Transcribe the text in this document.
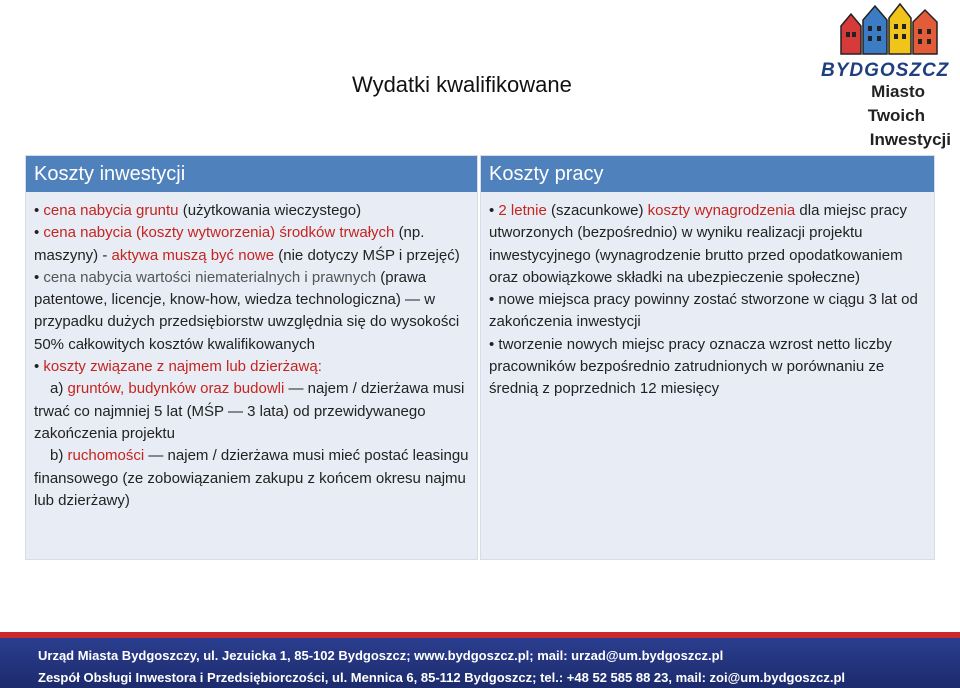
Wydatki kwalifikowane
BYDGOSZCZ
Miasto
Twoich
Inwestycji
Koszty inwestycji

• cena nabycia gruntu (użytkowania wieczystego)

• cena nabycia (koszty wytworzenia) środków trwałych (np. maszyny) - aktywa muszą być nowe (nie dotyczy MŚP i przejęć)

• cena nabycia wartości niematerialnych i prawnych (prawa patentowe, licencje, know-how, wiedza technologiczna) — w przypadku dużych przedsiębiorstw uwzględnia się do wysokości 50% całkowitych kosztów kwalifikowanych

• koszty związane z najmem lub dzierżawą:

a) gruntów, budynków oraz budowli — najem / dzierżawa musi trwać co najmniej 5 lat (MŚP — 3 lata) od przewidywanego zakończenia projektu

b) ruchomości — najem / dzierżawa musi mieć postać leasingu finansowego (ze zobowiązaniem zakupu z końcem okresu najmu lub dzierżawy)

Koszty pracy

• 2 letnie (szacunkowe) koszty wynagrodzenia dla miejsc pracy utworzonych (bezpośrednio) w wyniku realizacji projektu inwestycyjnego (wynagrodzenie brutto przed opodatkowaniem oraz obowiązkowe składki na ubezpieczenie społeczne)

• nowe miejsca pracy powinny zostać stworzone w ciągu 3 lat od zakończenia inwestycji

• tworzenie nowych miejsc pracy oznacza wzrost netto liczby pracowników bezpośrednio zatrudnionych w porównaniu ze średnią z poprzednich 12 miesięcy

Urząd Miasta Bydgoszczy, ul. Jezuicka 1, 85-102 Bydgoszcz; www.bydgoszcz.pl; mail: urzad@um.bydgoszcz.pl
Zespół Obsługi Inwestora i Przedsiębiorczości, ul. Mennica 6, 85-112 Bydgoszcz; tel.: +48 52 585 88 23, mail: zoi@um.bydgoszcz.pl
